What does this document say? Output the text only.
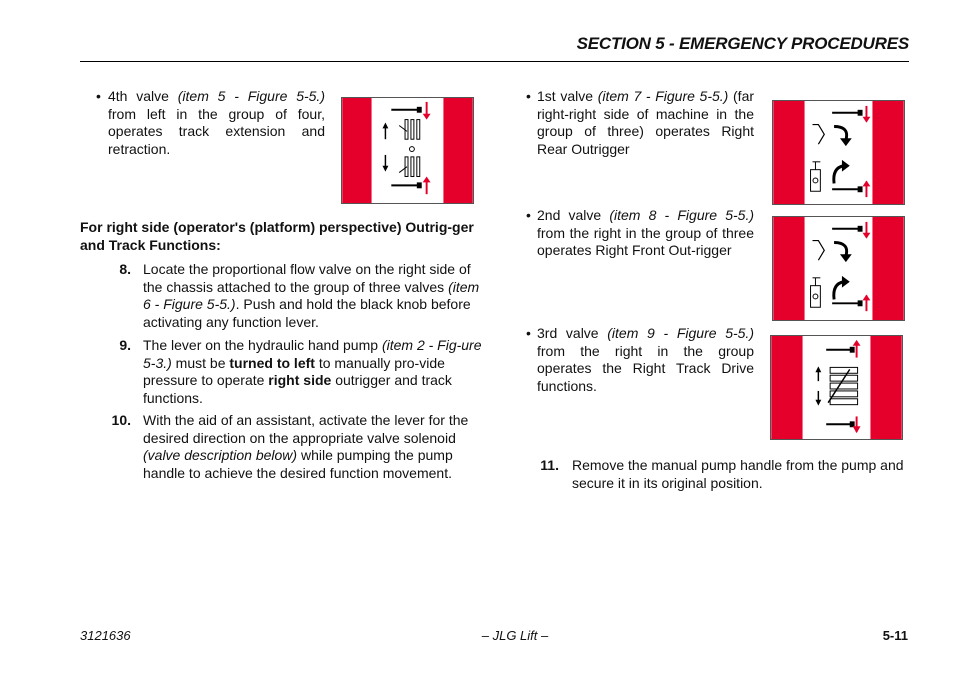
SECTION 5 - EMERGENCY PROCEDURES
• 4th valve (item 5 - Figure 5-5.) from left in the group of four, operates track extension and retraction.
For right side (operator's (platform) perspective) Outrig-ger and Track Functions:
8. Locate the proportional flow valve on the right side of the chassis attached to the group of three valves (item 6 - Figure 5-5.). Push and hold the black knob before activating any function lever.
9. The lever on the hydraulic hand pump (item 2 - Fig-ure 5-3.) must be turned to left to manually pro-vide pressure to operate right side outrigger and track functions.
10. With the aid of an assistant, activate the lever for the desired direction on the appropriate valve solenoid (valve description below) while pumping the pump handle to achieve the desired function movement.
• 1st valve (item 7 - Figure 5-5.) (far right-right side of machine in the group of three) operates Right Rear Outrigger
• 2nd valve (item 8 - Figure 5-5.) from the right in the group of three operates Right Front Out-rigger
• 3rd valve (item 9 - Figure 5-5.) from the right in the group operates the Right Track Drive functions.
11. Remove the manual pump handle from the pump and secure it in its original position.
3121636	– JLG Lift –	5-11
